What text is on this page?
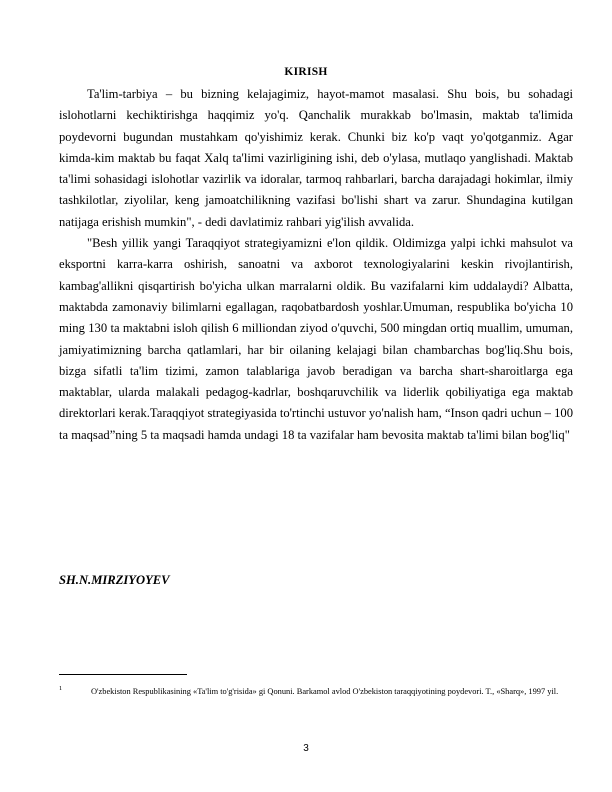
KIRISH

Ta'lim-tarbiya – bu bizning kelajagimiz, hayot-mamot masalasi. Shu bois, bu sohadagi islohotlarni kechiktirishga haqqimiz yo'q. Qanchalik murakkab bo'lmasin, maktab ta'limida poydevorni bugundan mustahkam qo'yishimiz kerak. Chunki biz ko'p vaqt yo'qotganmiz. Agar kimda-kim maktab bu faqat Xalq ta'limi vazirligining ishi, deb o'ylasa, mutlaqo yanglishadi. Maktab ta'limi sohasidagi islohotlar vazirlik va idoralar, tarmoq rahbarlari, barcha darajadagi hokimlar, ilmiy tashkilotlar, ziyolilar, keng jamoatchilikning vazifasi bo'lishi shart va zarur. Shundagina kutilgan natijaga erishish mumkin", - dedi davlatimiz rahbari yig'ilish avvalida.

"Besh yillik yangi Taraqqiyot strategiyamizni e'lon qildik. Oldimizga yalpi ichki mahsulot va eksportni karra-karra oshirish, sanoatni va axborot texnologiyalarini keskin rivojlantirish, kambag'allikni qisqartirish bo'yicha ulkan marralarni oldik. Bu vazifalarni kim uddalaydi? Albatta, maktabda zamonaviy bilimlarni egallagan, raqobatbardosh yoshlar.Umuman, respublika bo'yicha 10 ming 130 ta maktabni isloh qilish 6 milliondan ziyod o'quvchi, 500 mingdan ortiq muallim, umuman, jamiyatimizning barcha qatlamlari, har bir oilaning kelajagi bilan chambarchas bog'liq.Shu bois, bizga sifatli ta'lim tizimi, zamon talablariga javob beradigan va barcha shart-sharoitlarga ega maktablar, ularda malakali pedagog-kadrlar, boshqaruvchilik va liderlik qobiliyatiga ega maktab direktorlari kerak.Taraqqiyot strategiyasida to'rtinchi ustuvor yo'nalish ham, “Inson qadri uchun – 100 ta maqsad”ning 5 ta maqsadi hamda undagi 18 ta vazifalar ham bevosita maktab ta'limi bilan bog'liq"

SH.N.MIRZIYOYEV
1	O'zbekiston Respublikasining «Ta'lim to'g'risida» gi Qonuni. Barkamol avlod O'zbekiston taraqqiyotining poydevori. T., «Sharq», 1997 yil.
3
